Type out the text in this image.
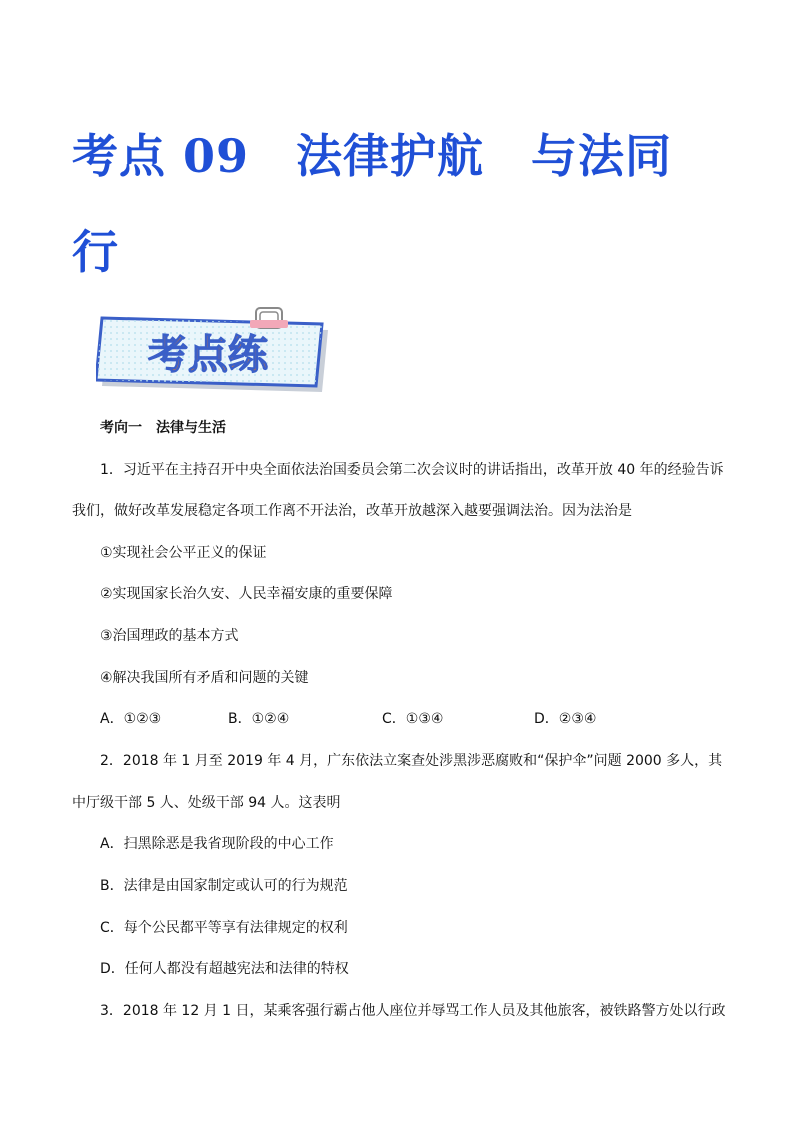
考点 09　法律护航　与法同
行
考点练
考向一　法律与生活
1．习近平在主持召开中央全面依法治国委员会第二次会议时的讲话指出，改革开放 40 年的经验告诉
我们，做好改革发展稳定各项工作离不开法治，改革开放越深入越要强调法治。因为法治是
①实现社会公平正义的保证
②实现国家长治久安、人民幸福安康的重要保障
③治国理政的基本方式
④解决我国所有矛盾和问题的关键
A．①②③	B．①②④	C．①③④	D．②③④
2．2018 年 1 月至 2019 年 4 月，广东依法立案查处涉黑涉恶腐败和“保护伞”问题 2000 多人，其
中厅级干部 5 人、处级干部 94 人。这表明
A．扫黑除恶是我省现阶段的中心工作
B．法律是由国家制定或认可的行为规范
C．每个公民都平等享有法律规定的权利
D．任何人都没有超越宪法和法律的特权
3．2018 年 12 月 1 日，某乘客强行霸占他人座位并辱骂工作人员及其他旅客，被铁路警方处以行政
